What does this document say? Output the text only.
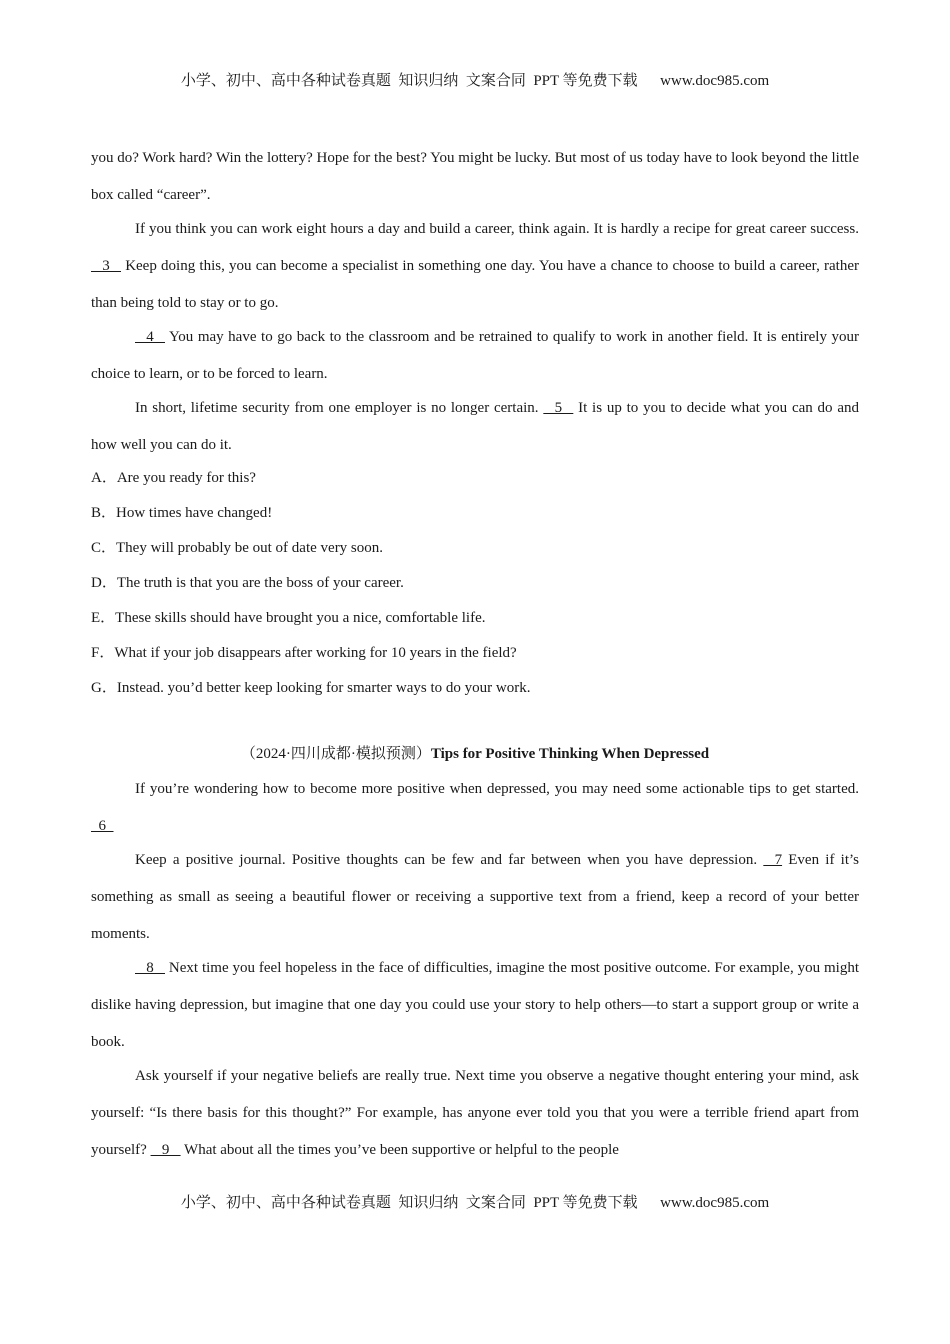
小学、初中、高中各种试卷真题  知识归纳  文案合同  PPT 等免费下载      www.doc985.com

you do? Work hard? Win the lottery? Hope for the best? You might be lucky. But most of us today have to look beyond the little box called “career”.

If you think you can work eight hours a day and build a career, think again. It is hardly a recipe for great career success.    3    Keep doing this, you can become a specialist in something one day. You have a chance to choose to build a career, rather than being told to stay or to go.

4    You may have to go back to the classroom and be retrained to qualify to work in another field. It is entirely your choice to learn, or to be forced to learn.

In short, lifetime security from one employer is no longer certain.    5    It is up to you to decide what you can do and how well you can do it.

A．Are you ready for this?

B．How times have changed!

C．They will probably be out of date very soon.

D．The truth is that you are the boss of your career.

E．These skills should have brought you a nice, comfortable life.

F．What if your job disappears after working for 10 years in the field?

G．Instead. you’d better keep looking for smarter ways to do your work.

（2024·四川成都·模拟预测）Tips for Positive Thinking When Depressed

If you’re wondering how to become more positive when depressed, you may need some actionable tips to get started.   6

Keep a positive journal. Positive thoughts can be few and far between when you have depression.    7 Even if it’s something as small as seeing a beautiful flower or receiving a supportive text from a friend, keep a record of your better moments.

8    Next time you feel hopeless in the face of difficulties, imagine the most positive outcome. For example, you might dislike having depression, but imagine that one day you could use your story to help others—to start a support group or write a book.

Ask yourself if your negative beliefs are really true. Next time you observe a negative thought entering your mind, ask yourself: “Is there basis for this thought?” For example, has anyone ever told you that you were a terrible friend apart from yourself?    9    What about all the times you’ve been supportive or helpful to the people

小学、初中、高中各种试卷真题  知识归纳  文案合同  PPT 等免费下载      www.doc985.com
